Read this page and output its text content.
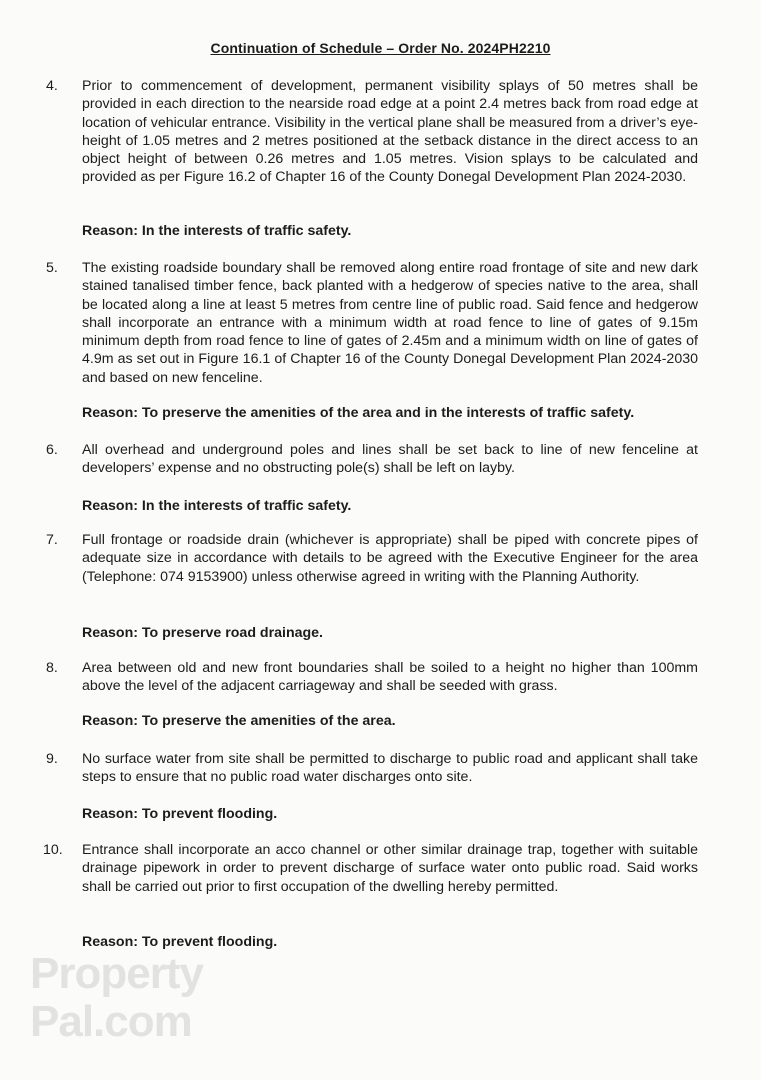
Continuation of Schedule – Order No. 2024PH2210
4. Prior to commencement of development, permanent visibility splays of 50 metres shall be provided in each direction to the nearside road edge at a point 2.4 metres back from road edge at location of vehicular entrance. Visibility in the vertical plane shall be measured from a driver’s eye-height of 1.05 metres and 2 metres positioned at the setback distance in the direct access to an object height of between 0.26 metres and 1.05 metres. Vision splays to be calculated and provided as per Figure 16.2 of Chapter 16 of the County Donegal Development Plan 2024-2030.

Reason: In the interests of traffic safety.
5. The existing roadside boundary shall be removed along entire road frontage of site and new dark stained tanalised timber fence, back planted with a hedgerow of species native to the area, shall be located along a line at least 5 metres from centre line of public road. Said fence and hedgerow shall incorporate an entrance with a minimum width at road fence to line of gates of 9.15m minimum depth from road fence to line of gates of 2.45m and a minimum width on line of gates of 4.9m as set out in Figure 16.1 of Chapter 16 of the County Donegal Development Plan 2024-2030 and based on new fenceline.

Reason: To preserve the amenities of the area and in the interests of traffic safety.
6. All overhead and underground poles and lines shall be set back to line of new fenceline at developers’ expense and no obstructing pole(s) shall be left on layby.

Reason: In the interests of traffic safety.
7. Full frontage or roadside drain (whichever is appropriate) shall be piped with concrete pipes of adequate size in accordance with details to be agreed with the Executive Engineer for the area (Telephone: 074 9153900) unless otherwise agreed in writing with the Planning Authority.

Reason: To preserve road drainage.
8. Area between old and new front boundaries shall be soiled to a height no higher than 100mm above the level of the adjacent carriageway and shall be seeded with grass.

Reason: To preserve the amenities of the area.
9. No surface water from site shall be permitted to discharge to public road and applicant shall take steps to ensure that no public road water discharges onto site.

Reason: To prevent flooding.
10. Entrance shall incorporate an acco channel or other similar drainage trap, together with suitable drainage pipework in order to prevent discharge of surface water onto public road. Said works shall be carried out prior to first occupation of the dwelling hereby permitted.

Reason: To prevent flooding.
Property
Pal.com
